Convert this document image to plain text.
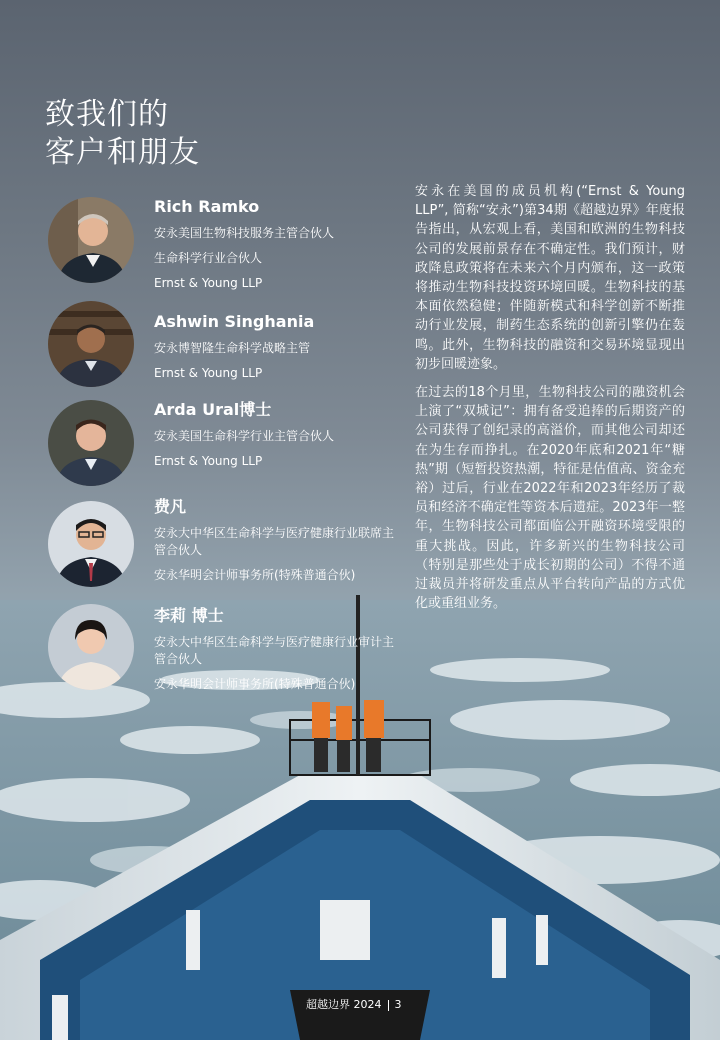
致我们的
客户和朋友
Rich Ramko
安永美国生物科技服务主管合伙人
生命科学行业合伙人
Ernst & Young LLP
Ashwin Singhania
安永博智隆生命科学战略主管
Ernst & Young LLP
Arda Ural博士
安永美国生命科学行业主管合伙人
Ernst & Young LLP
费凡
安永大中华区生命科学与医疗健康行业联席主管合伙人
安永华明会计师事务所(特殊普通合伙)
李莉 博士
安永大中华区生命科学与医疗健康行业审计主管合伙人
安永华明会计师事务所(特殊普通合伙)

安永在美国的成员机构(“Ernst & Young LLP”, 简称“安永”)第34期《超越边界》年度报告指出，从宏观上看，美国和欧洲的生物科技公司的发展前景存在不确定性。我们预计，财政降息政策将在未来六个月内颁布，这一政策将推动生物科技投资环境回暖。生物科技的基本面依然稳健；伴随新模式和科学创新不断推动行业发展，制药生态系统的创新引擎仍在轰鸣。此外，生物科技的融资和交易环境显现出初步回暖迹象。

在过去的18个月里，生物科技公司的融资机会上演了“双城记”：拥有备受追捧的后期资产的公司获得了创纪录的高溢价，而其他公司却还在为生存而挣扎。在2020年底和2021年“糖热”期（短暂投资热潮，特征是估值高、资金充裕）过后，行业在2022年和2023年经历了裁员和经济不确定性等资本后遗症。2023年一整年，生物科技公司都面临公开融资环境受限的重大挑战。因此，许多新兴的生物科技公司（特别是那些处于成长初期的公司）不得不通过裁员并将研发重点从平台转向产品的方式优化或重组业务。

超越边界 2024 3
